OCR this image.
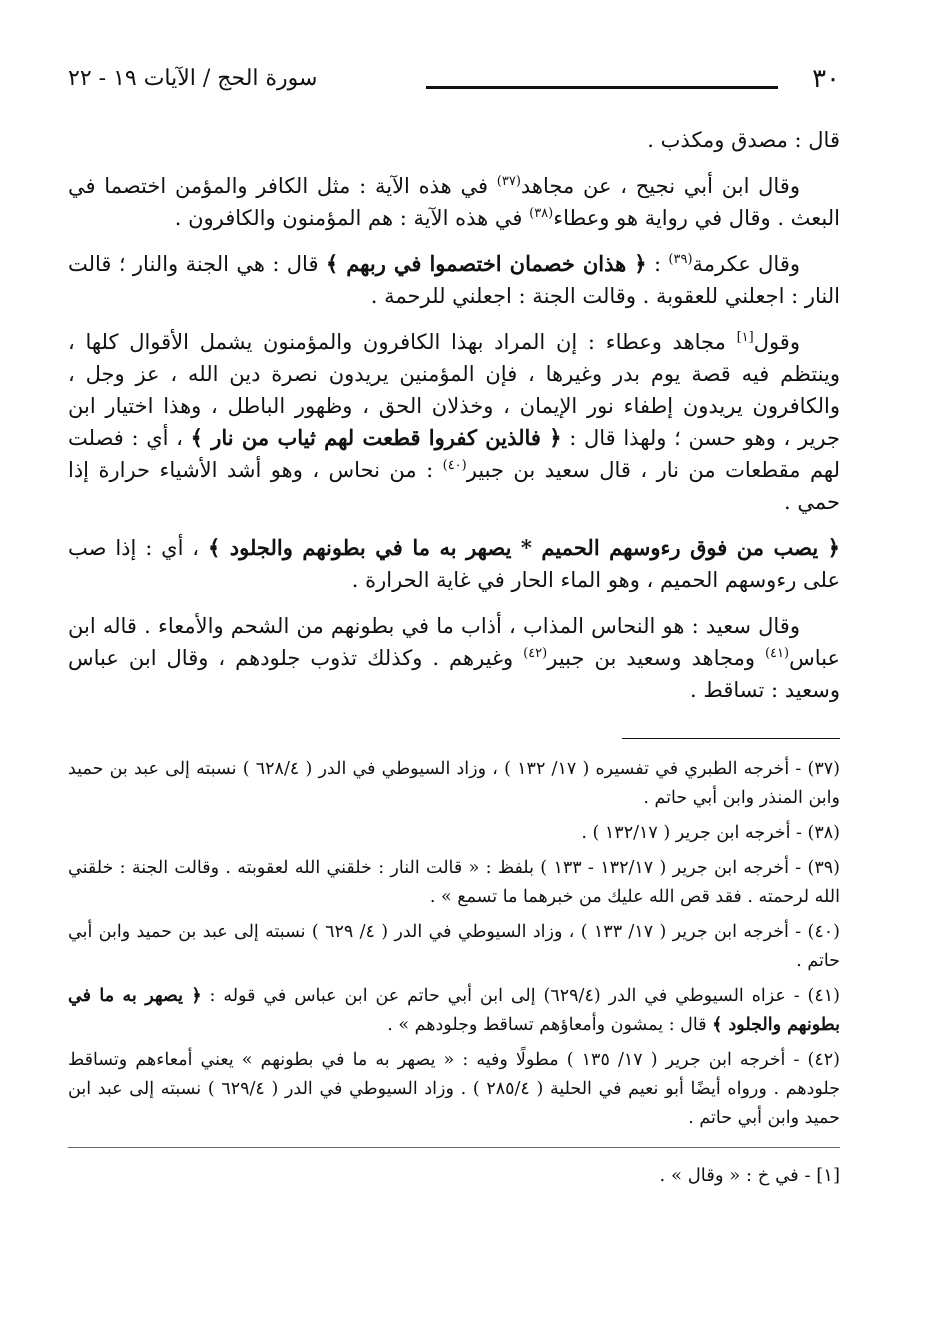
٣٠
سورة الحج / الآيات ١٩ - ٢٢

قال : مصدق ومكذب .

وقال ابن أبي نجيح ، عن مجاهد$^{(٣٧)}$ في هذه الآية : مثل الكافر والمؤمن اختصما في البعث . وقال في رواية هو وعطاء$^{(٣٨)}$ في هذه الآية : هم المؤمنون والكافرون .

وقال عكرمة$^{(٣٩)}$ : ﴿ هذان خصمان اختصموا في ربهم ﴾ قال : هي الجنة والنار ؛ قالت النار : اجعلني للعقوبة . وقالت الجنة : اجعلني للرحمة .

وقول[١] مجاهد وعطاء : إن المراد بهذا الكافرون والمؤمنون يشمل الأقوال كلها ، وينتظم فيه قصة يوم بدر وغيرها ، فإن المؤمنين يريدون نصرة دين الله ، عز وجل ، والكافرون يريدون إطفاء نور الإيمان ، وخذلان الحق ، وظهور الباطل ، وهذا اختيار ابن جرير ، وهو حسن ؛ ولهذا قال : ﴿ فالذين كفروا قطعت لهم ثياب من نار ﴾ ، أي : فصلت لهم مقطعات من نار ، قال سعيد بن جبير$^{(٤٠)}$ : من نحاس ، وهو أشد الأشياء حرارة إذا حمي .

﴿ يصب من فوق رءوسهم الحميم * يصهر به ما في بطونهم والجلود ﴾ ، أي : إذا صب على رءوسهم الحميم ، وهو الماء الحار في غاية الحرارة .

وقال سعيد : هو النحاس المذاب ، أذاب ما في بطونهم من الشحم والأمعاء . قاله ابن عباس$^{(٤١)}$ ومجاهد وسعيد بن جبير$^{(٤٢)}$ وغيرهم . وكذلك تذوب جلودهم ، وقال ابن عباس وسعيد : تساقط .

(٣٧) - أخرجه الطبري في تفسيره ( ١٧/ ١٣٢ ) ، وزاد السيوطي في الدر ( ٦٢٨/٤ ) نسبته إلى عبد بن حميد وابن المنذر وابن أبي حاتم .

(٣٨) - أخرجه ابن جرير ( ١٣٢/١٧ ) .

(٣٩) - أخرجه ابن جرير ( ١٣٢/١٧ - ١٣٣ ) بلفظ : « قالت النار : خلقني الله لعقوبته . وقالت الجنة : خلقني الله لرحمته . فقد قص الله عليك من خبرهما ما تسمع » .

(٤٠) - أخرجه ابن جرير ( ١٧/ ١٣٣ ) ، وزاد السيوطي في الدر ( ٤/ ٦٢٩ ) نسبته إلى عبد بن حميد وابن أبي حاتم .

(٤١) - عزاه السيوطي في الدر (٦٢٩/٤) إلى ابن أبي حاتم عن ابن عباس في قوله : ﴿ يصهر به ما في بطونهم والجلود ﴾ قال : يمشون وأمعاؤهم تساقط وجلودهم » .

(٤٢) - أخرجه ابن جرير ( ١٧/ ١٣٥ ) مطولًا وفيه : « يصهر به ما في بطونهم » يعني أمعاءهم وتساقط جلودهم . ورواه أيضًا أبو نعيم في الحلية ( ٢٨٥/٤ ) . وزاد السيوطي في الدر ( ٦٢٩/٤ ) نسبته إلى عبد ابن حميد وابن أبي حاتم .

[١] - في خ : « وقال » .
